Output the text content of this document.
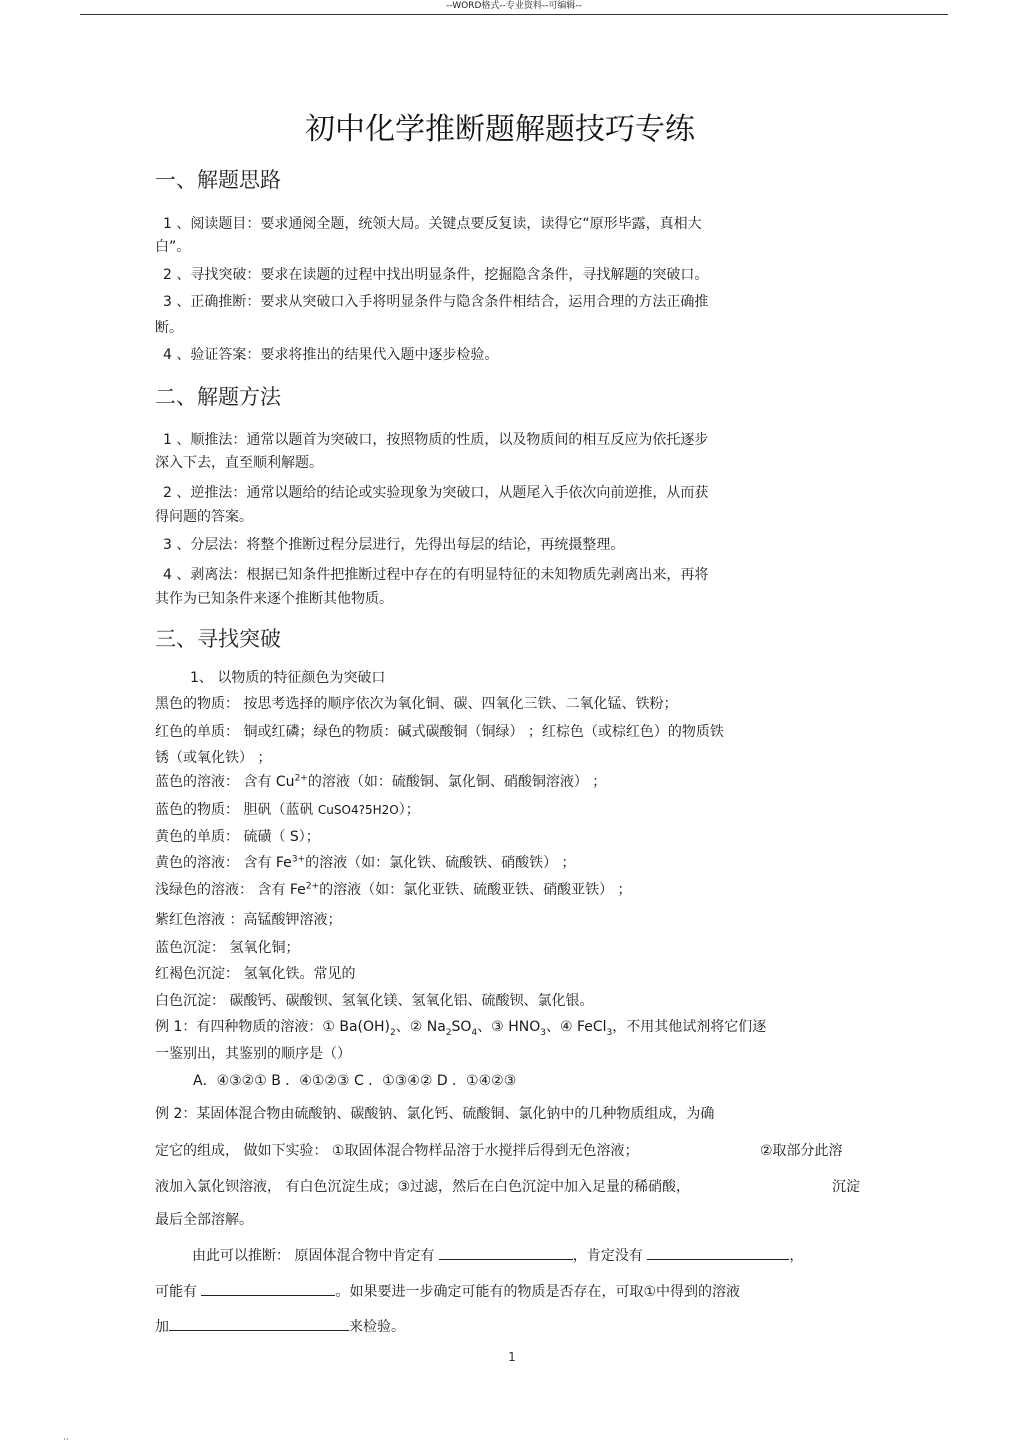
--WORD格式--专业资料--可编辑--
初中化学推断题解题技巧专练
一、解题思路
1 、阅读题目：要求通阅全题，统领大局。关键点要反复读，读得它“原形毕露，真相大
白”。
2 、寻找突破：要求在读题的过程中找出明显条件，挖掘隐含条件，寻找解题的突破口。
3 、正确推断：要求从突破口入手将明显条件与隐含条件相结合，运用合理的方法正确推
断。
4 、验证答案：要求将推出的结果代入题中逐步检验。
二、解题方法
1 、顺推法：通常以题首为突破口，按照物质的性质，以及物质间的相互反应为依托逐步
深入下去，直至顺利解题。
2 、逆推法：通常以题给的结论或实验现象为突破口，从题尾入手依次向前逆推，从而获
得问题的答案。
3 、分层法：将整个推断过程分层进行，先得出每层的结论，再统摄整理。
4 、剥离法：根据已知条件把推断过程中存在的有明显特征的未知物质先剥离出来，再将
其作为已知条件来逐个推断其他物质。
三、寻找突破
1、 以物质的特征颜色为突破口
黑色的物质： 按思考选择的顺序依次为氧化铜、碳、四氧化三铁、二氧化锰、铁粉；
红色的单质： 铜或红磷；绿色的物质：碱式碳酸铜（铜绿） ；红棕色（或棕红色）的物质铁
锈（或氧化铁） ；
蓝色的溶液： 含有 $Cu^{2+}$的溶液（如：硫酸铜、氯化铜、硝酸铜溶液） ；
蓝色的物质： 胆矾（蓝矾 CuSO4?5H2O）；
黄色的单质： 硫磺（ S）；
黄色的溶液： 含有 $Fe^{3+}$的溶液（如：氯化铁、硫酸铁、硝酸铁） ；
浅绿色的溶液： 含有 $Fe^{2+}$的溶液（如：氯化亚铁、硫酸亚铁、硝酸亚铁） ；
紫红色溶液 ：高锰酸钾溶液；
蓝色沉淀： 氢氧化铜；
红褐色沉淀： 氢氧化铁。常见的
白色沉淀： 碳酸钙、碳酸钡、氢氧化镁、氢氧化铝、硫酸钡、氯化银。
例 1：有四种物质的溶液：① $Ba(OH)_2$、② $Na_2SO_4$、③ $HNO_3$、④ FeCl$_3$，不用其他试剂将它们逐
一鉴别出，其鉴别的顺序是（）
A．④③②① B ．④①②③ C ．①③④② D ．①④②③
例 2：某固体混合物由硫酸钠、碳酸钠、氯化钙、硫酸铜、氯化钠中的几种物质组成，为确
定它的组成， 做如下实验： ①取固体混合物样品溶于水搅拌后得到无色溶液；	②取部分此溶
液加入氯化钡溶液， 有白色沉淀生成；③过滤，然后在白色沉淀中加入足量的稀硝酸，	沉淀
最后全部溶解。
由此可以推断： 原固体混合物中肯定有	，肯定没有	，
可能有	。如果要进一步确定可能有的物质是否存在，可取①中得到的溶液
加	来检验。
1
··
